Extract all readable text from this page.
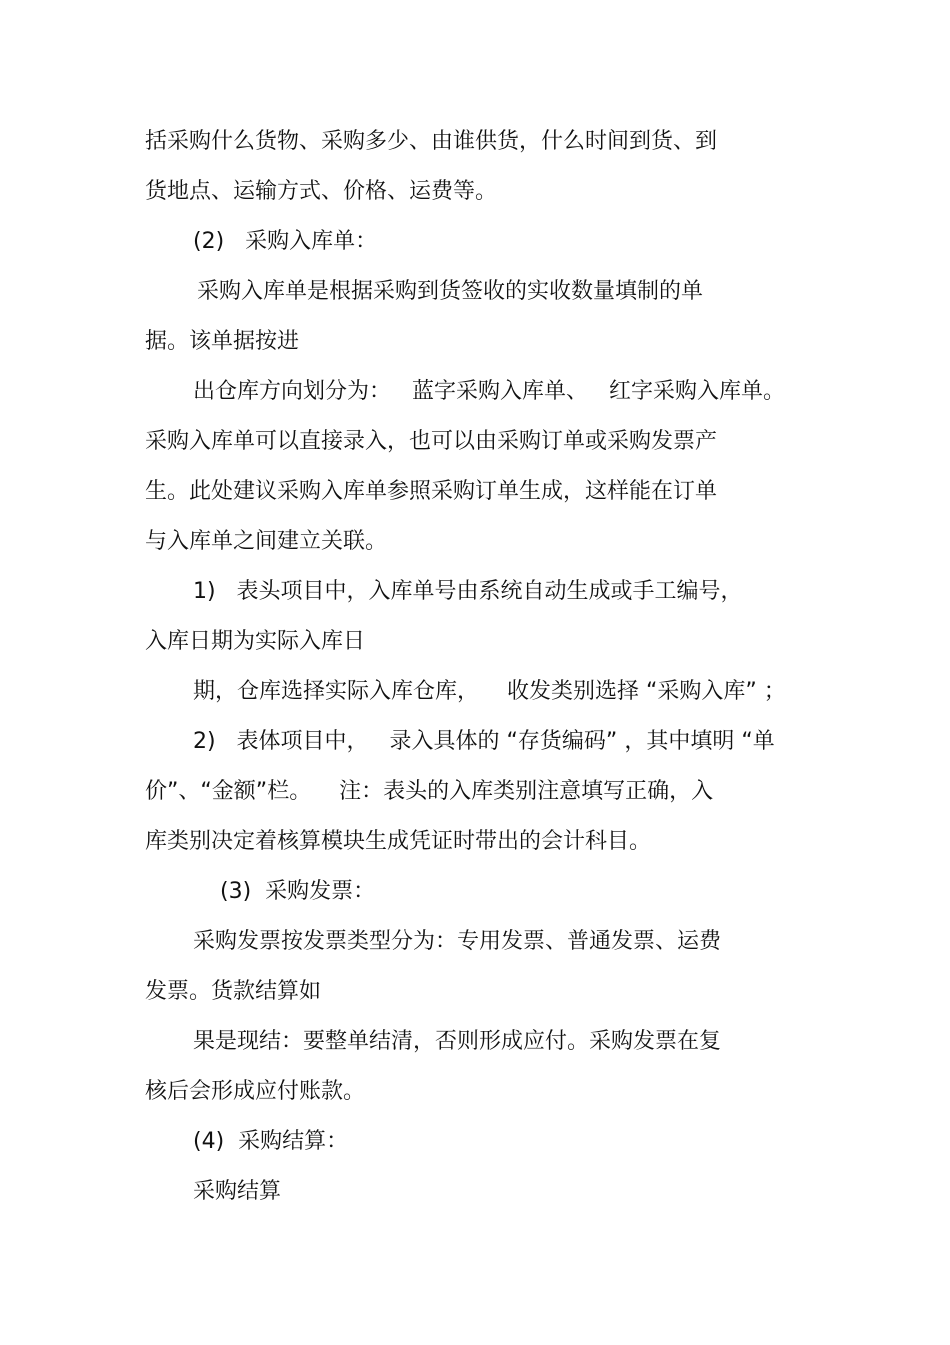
括采购什么货物、采购多少、由谁供货，什么时间到货、到

货地点、运输方式、价格、运费等。

(2)   采购入库单：

采购入库单是根据采购到货签收的实收数量填制的单

据。该单据按进

出仓库方向划分为：   蓝字采购入库单、   红字采购入库单。

采购入库单可以直接录入，也可以由采购订单或采购发票产

生。此处建议采购入库单参照采购订单生成，这样能在订单

与入库单之间建立关联。

1)   表头项目中，入库单号由系统自动生成或手工编号，

入库日期为实际入库日

期，仓库选择实际入库仓库，    收发类别选择 “采购入库” ；

2)   表体项目中，   录入具体的 “存货编码” ，其中填明 “单

价”、“金额”栏。    注：表头的入库类别注意填写正确，入

库类别决定着核算模块生成凭证时带出的会计科目。

(3)  采购发票：

采购发票按发票类型分为：专用发票、普通发票、运费

发票。货款结算如

果是现结：要整单结清，否则形成应付。采购发票在复

核后会形成应付账款。

(4)  采购结算：

采购结算
